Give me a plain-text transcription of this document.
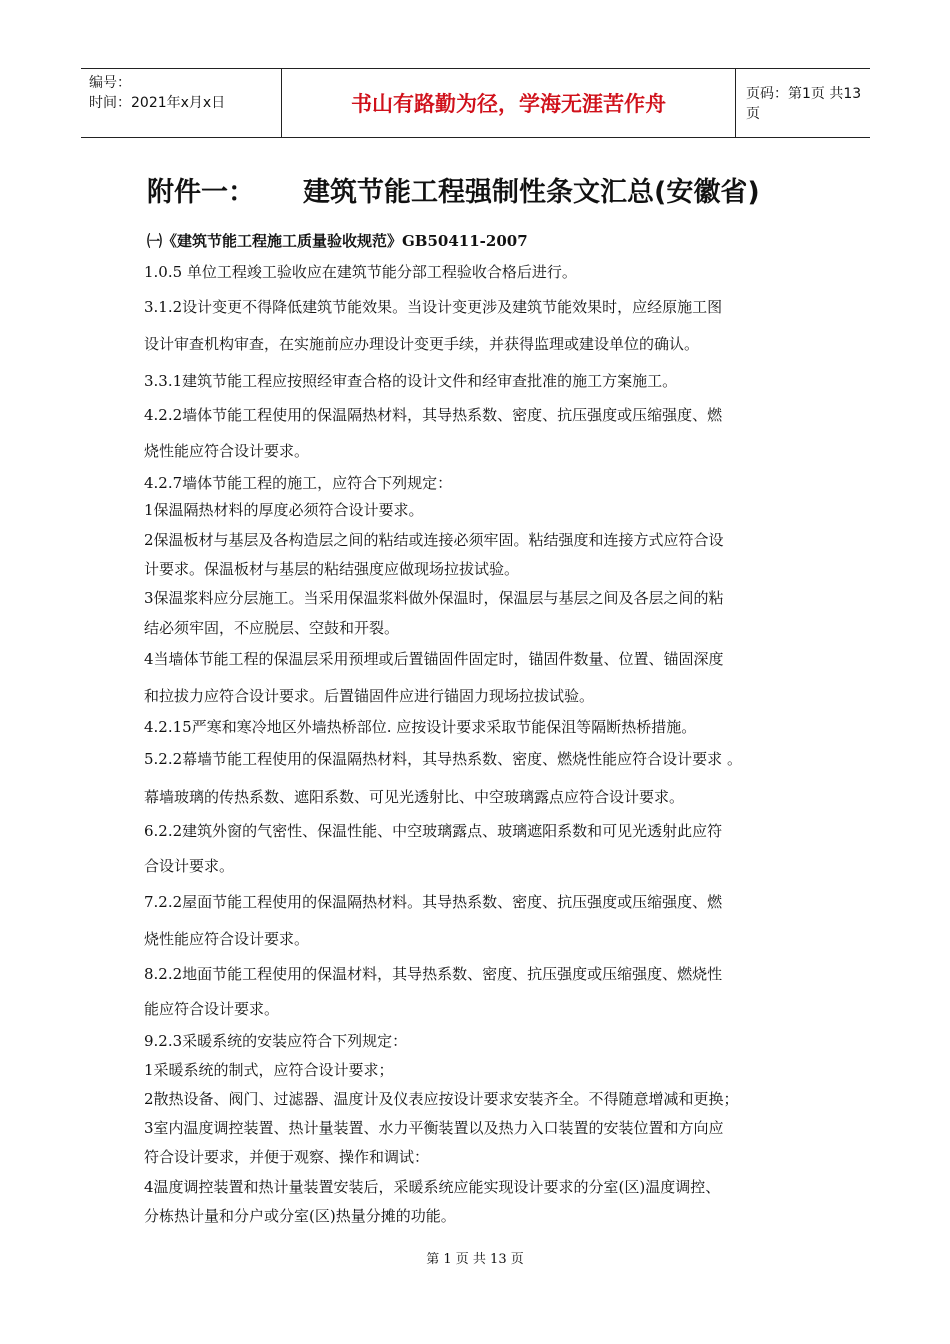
编号：
时间：2021年x月x日	书山有路勤为径，学海无涯苦作舟	页码：第1页 共13页
附件一： 建筑节能工程强制性条文汇总(安徽省)
㈠《建筑节能工程施工质量验收规范》GB50411-2007
1.0.5 单位工程竣工验收应在建筑节能分部工程验收合格后进行。
3.1.2设计变更不得降低建筑节能效果。当设计变更涉及建筑节能效果时，应经原施工图
设计审查机构审查，在实施前应办理设计变更手续，并获得监理或建设单位的确认。
3.3.1建筑节能工程应按照经审查合格的设计文件和经审查批准的施工方案施工。
4.2.2墙体节能工程使用的保温隔热材料，其导热系数、密度、抗压强度或压缩强度、燃
烧性能应符合设计要求。
4.2.7墙体节能工程的施工，应符合下列规定：
1保温隔热材料的厚度必须符合设计要求。
2保温板材与基层及各构造层之间的粘结或连接必须牢固。粘结强度和连接方式应符合设
计要求。保温板材与基层的粘结强度应做现场拉拔试验。
3保温浆料应分层施工。当采用保温浆料做外保温时，保温层与基层之间及各层之间的粘
结必须牢固，不应脱层、空鼓和开裂。
4当墙体节能工程的保温层采用预埋或后置锚固件固定时，锚固件数量、位置、锚固深度
和拉拔力应符合设计要求。后置锚固件应进行锚固力现场拉拔试验。
4.2.15严寒和寒冷地区外墙热桥部位. 应按设计要求采取节能保沮等隔断热桥措施。
5.2.2幕墙节能工程使用的保温隔热材料，其导热系数、密度、燃烧性能应符合设计要求 。
幕墙玻璃的传热系数、遮阳系数、可见光透射比、中空玻璃露点应符合设计要求。
6.2.2建筑外窗的气密性、保温性能、中空玻璃露点、玻璃遮阳系数和可见光透射此应符
合设计要求。
7.2.2屋面节能工程使用的保温隔热材料。其导热系数、密度、抗压强度或压缩强度、燃
烧性能应符合设计要求。
8.2.2地面节能工程使用的保温材料，其导热系数、密度、抗压强度或压缩强度、燃烧性
能应符合设计要求。
9.2.3采暖系统的安装应符合下列规定：
1采暖系统的制式，应符合设计要求；
2散热设备、阀门、过滤器、温度计及仪表应按设计要求安装齐全。不得随意增减和更换；
3室内温度调控装置、热计量装置、水力平衡装置以及热力入口装置的安装位置和方向应
符合设计要求，并便于观察、操作和调试：
4温度调控装置和热计量装置安装后，采暖系统应能实现设计要求的分室(区)温度调控、
分栋热计量和分户或分室(区)热量分摊的功能。
第 1 页 共 13 页
